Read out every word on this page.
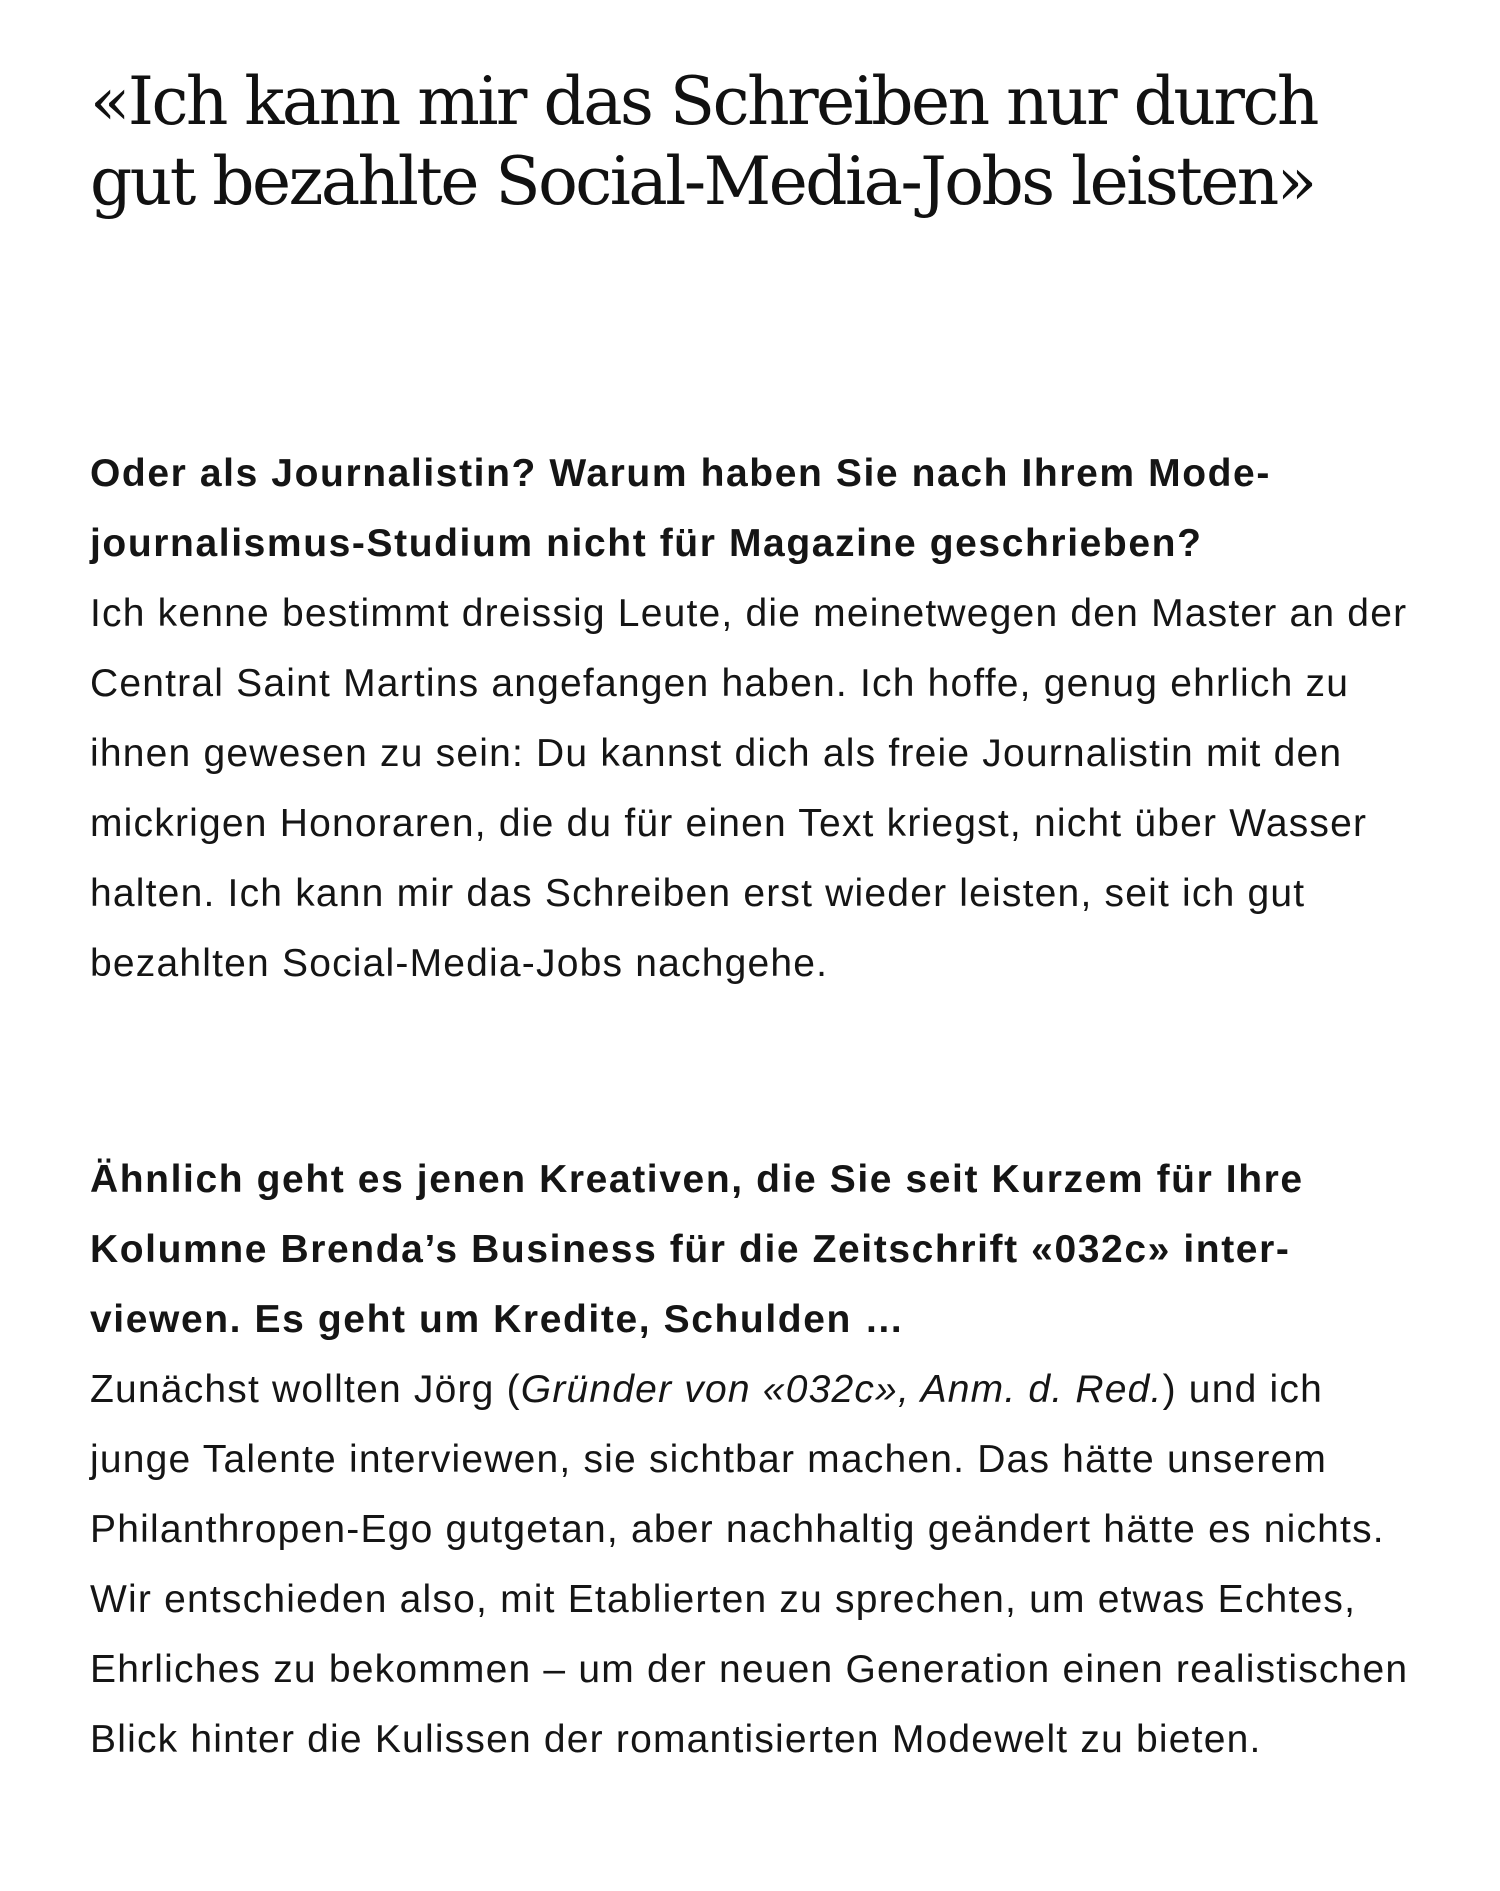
«Ich kann mir das Schreiben nur durch gut bezahlte Social-Media-Jobs leisten»
Oder als Journalistin? Warum haben Sie nach Ihrem Modejournalismus-Studium nicht für Magazine geschrieben?
Ich kenne bestimmt dreissig Leute, die meinetwegen den Master an der Central Saint Martins angefangen haben. Ich hoffe, genug ehrlich zu ihnen gewesen zu sein: Du kannst dich als freie Journalistin mit den mickrigen Honoraren, die du für einen Text kriegst, nicht über Wasser halten. Ich kann mir das Schreiben erst wieder leisten, seit ich gut bezahlten Social-Media-Jobs nachgehe.
Ähnlich geht es jenen Kreativen, die Sie seit Kurzem für Ihre Kolumne Brenda’s Business für die Zeitschrift «032c» interviewen. Es geht um Kredite, Schulden …
Zunächst wollten Jörg (Gründer von «032c», Anm. d. Red.) und ich junge Talente interviewen, sie sichtbar machen. Das hätte unserem Philanthropen-Ego gutgetan, aber nachhaltig geändert hätte es nichts. Wir entschieden also, mit Etablierten zu sprechen, um etwas Echtes, Ehrliches zu bekommen – um der neuen Generation einen realistischen Blick hinter die Kulissen der romantisierten Modewelt zu bieten.
